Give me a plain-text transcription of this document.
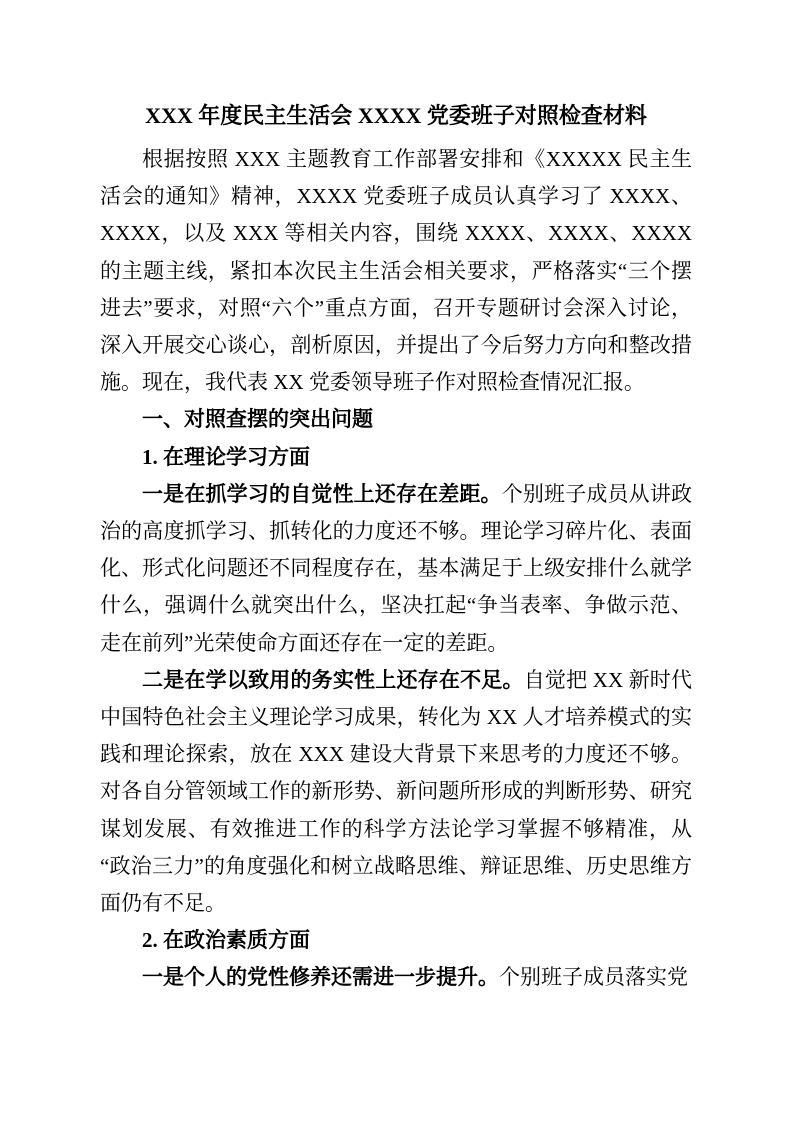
XXX 年度民主生活会 XXXX 党委班子对照检查材料

根据按照 XXX 主题教育工作部署安排和《XXXXX 民主生活会的通知》精神，XXXX 党委班子成员认真学习了 XXXX、XXXX，以及 XXX 等相关内容，围绕 XXXX、XXXX、XXXX 的主题主线，紧扣本次民主生活会相关要求，严格落实“三个摆进去”要求，对照“六个”重点方面，召开专题研讨会深入讨论，深入开展交心谈心，剖析原因，并提出了今后努力方向和整改措施。现在，我代表 XX 党委领导班子作对照检查情况汇报。

一、对照查摆的突出问题

1. 在理论学习方面

一是在抓学习的自觉性上还存在差距。个别班子成员从讲政治的高度抓学习、抓转化的力度还不够。理论学习碎片化、表面化、形式化问题还不同程度存在，基本满足于上级安排什么就学什么，强调什么就突出什么，坚决扛起“争当表率、争做示范、走在前列”光荣使命方面还存在一定的差距。

二是在学以致用的务实性上还存在不足。自觉把 XX 新时代中国特色社会主义理论学习成果，转化为 XX 人才培养模式的实践和理论探索，放在 XXX 建设大背景下来思考的力度还不够。对各自分管领域工作的新形势、新问题所形成的判断形势、研究谋划发展、有效推进工作的科学方法论学习掌握不够精准，从“政治三力”的角度强化和树立战略思维、辩证思维、历史思维方面仍有不足。

2. 在政治素质方面

一是个人的党性修养还需进一步提升。个别班子成员落实党
